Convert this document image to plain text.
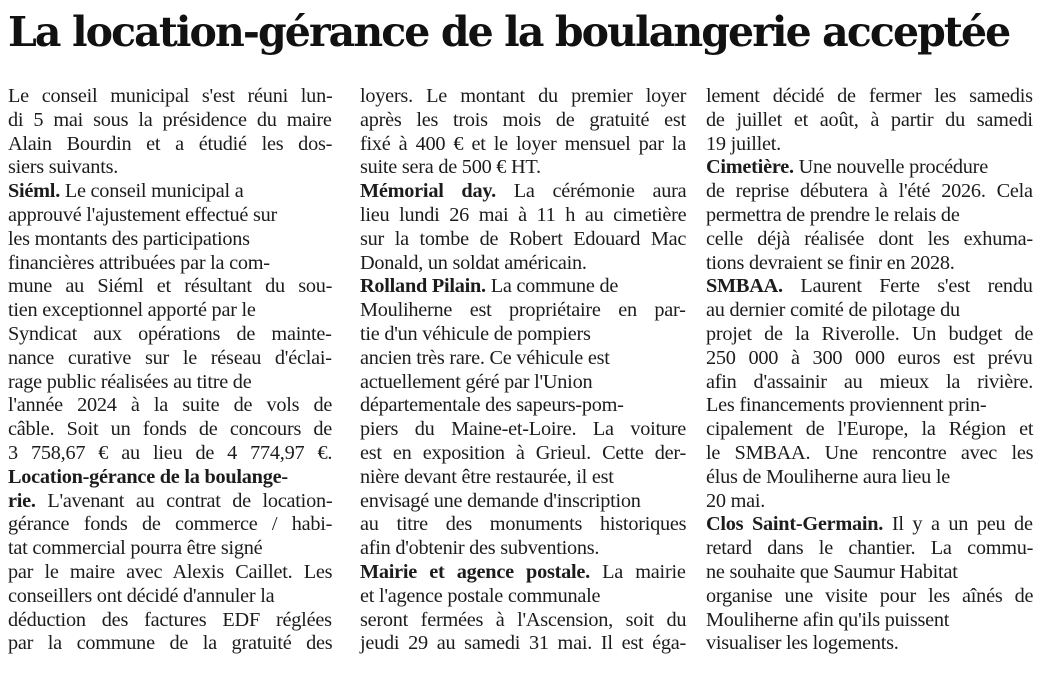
La location-gérance de la boulangerie acceptée
Le conseil municipal s'est réuni lun-
di 5 mai sous la présidence du maire
Alain Bourdin et a étudié les dos-
siers suivants.
Siéml. Le conseil municipal a
approuvé l'ajustement effectué sur
les montants des participations
financières attribuées par la com-
mune au Siéml et résultant du sou-
tien exceptionnel apporté par le
Syndicat aux opérations de mainte-
nance curative sur le réseau d'éclai-
rage public réalisées au titre de
l'année 2024 à la suite de vols de
câble. Soit un fonds de concours de
3 758,67 € au lieu de 4 774,97 €.
Location-gérance de la boulange-
rie. L'avenant au contrat de location-
gérance fonds de commerce / habi-
tat commercial pourra être signé
par le maire avec Alexis Caillet. Les
conseillers ont décidé d'annuler la
déduction des factures EDF réglées
par la commune de la gratuité des
loyers. Le montant du premier loyer
après les trois mois de gratuité est
fixé à 400 € et le loyer mensuel par la
suite sera de 500 € HT.
Mémorial day. La cérémonie aura
lieu lundi 26 mai à 11 h au cimetière
sur la tombe de Robert Edouard Mac
Donald, un soldat américain.
Rolland Pilain. La commune de
Mouliherne est propriétaire en par-
tie d'un véhicule de pompiers
ancien très rare. Ce véhicule est
actuellement géré par l'Union
départementale des sapeurs-pom-
piers du Maine-et-Loire. La voiture
est en exposition à Grieul. Cette der-
nière devant être restaurée, il est
envisagé une demande d'inscription
au titre des monuments historiques
afin d'obtenir des subventions.
Mairie et agence postale. La mairie
et l'agence postale communale
seront fermées à l'Ascension, soit du
jeudi 29 au samedi 31 mai. Il est éga-
lement décidé de fermer les samedis
de juillet et août, à partir du samedi
19 juillet.
Cimetière. Une nouvelle procédure
de reprise débutera à l'été 2026. Cela
permettra de prendre le relais de
celle déjà réalisée dont les exhuma-
tions devraient se finir en 2028.
SMBAA. Laurent Ferte s'est rendu
au dernier comité de pilotage du
projet de la Riverolle. Un budget de
250 000 à 300 000 euros est prévu
afin d'assainir au mieux la rivière.
Les financements proviennent prin-
cipalement de l'Europe, la Région et
le SMBAA. Une rencontre avec les
élus de Mouliherne aura lieu le
20 mai.
Clos Saint-Germain. Il y a un peu de
retard dans le chantier. La commu-
ne souhaite que Saumur Habitat
organise une visite pour les aînés de
Mouliherne afin qu'ils puissent
visualiser les logements.
